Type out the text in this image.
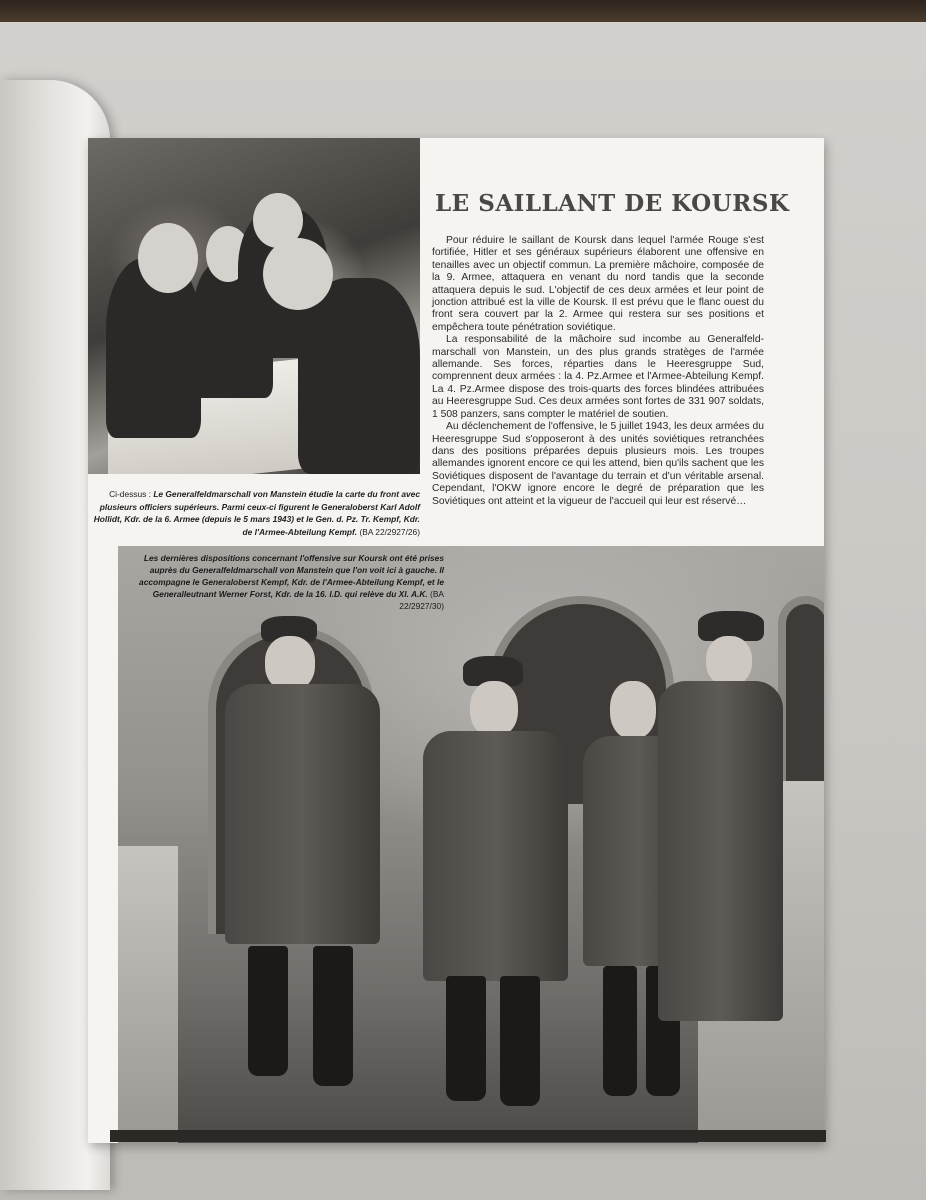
Ci-dessus : Le Generalfeldmarschall von Manstein étudie la carte du front avec plusieurs officiers supérieurs. Parmi ceux-ci figurent le Generaloberst Karl Adolf Hollidt, Kdr. de la 6. Armee (depuis le 5 mars 1943) et le Gen. d. Pz. Tr. Kempf, Kdr. de l'Armee-Abteilung Kempf. (BA 22/2927/26)
LE SAILLANT DE KOURSK

Pour réduire le saillant de Koursk dans lequel l'armée Rouge s'est fortifiée, Hitler et ses généraux supérieurs élaborent une offensive en tenailles avec un objectif commun. La première mâchoire, composée de la 9. Armee, attaquera en venant du nord tandis que la seconde attaquera depuis le sud. L'objectif de ces deux armées et leur point de jonction attribué est la ville de Koursk. Il est prévu que le flanc ouest du front sera couvert par la 2. Armee qui restera sur ses positions et empêchera toute pénétration soviétique.

La responsabilité de la mâchoire sud incombe au Generalfeld-marschall von Manstein, un des plus grands stratèges de l'armée allemande. Ses forces, réparties dans le Heeresgruppe Sud, comprennent deux armées : la 4. Pz.Armee et l'Armee-Abteilung Kempf. La 4. Pz.Armee dispose des trois-quarts des forces blindées attribuées au Heeresgruppe Sud. Ces deux armées sont fortes de 331 907 soldats, 1 508 panzers, sans compter le matériel de soutien.

Au déclenchement de l'offensive, le 5 juillet 1943, les deux armées du Heeresgruppe Sud s'opposeront à des unités soviétiques retranchées dans des positions préparées depuis plusieurs mois. Les troupes allemandes ignorent encore ce qui les attend, bien qu'ils sachent que les Soviétiques disposent de l'avantage du terrain et d'un véritable arsenal. Cependant, l'OKW ignore encore le degré de préparation que les Soviétiques ont atteint et la vigueur de l'accueil qui leur est réservé…

Les dernières dispositions concernant l'offensive sur Koursk ont été prises auprès du Generalfeldmarschall von Manstein que l'on voit ici à gauche. Il accompagne le Generaloberst Kempf, Kdr. de l'Armee-Abteilung Kempf, et le Generalleutnant Werner Forst, Kdr. de la 16. I.D. qui relève du XI. A.K. (BA 22/2927/30)
